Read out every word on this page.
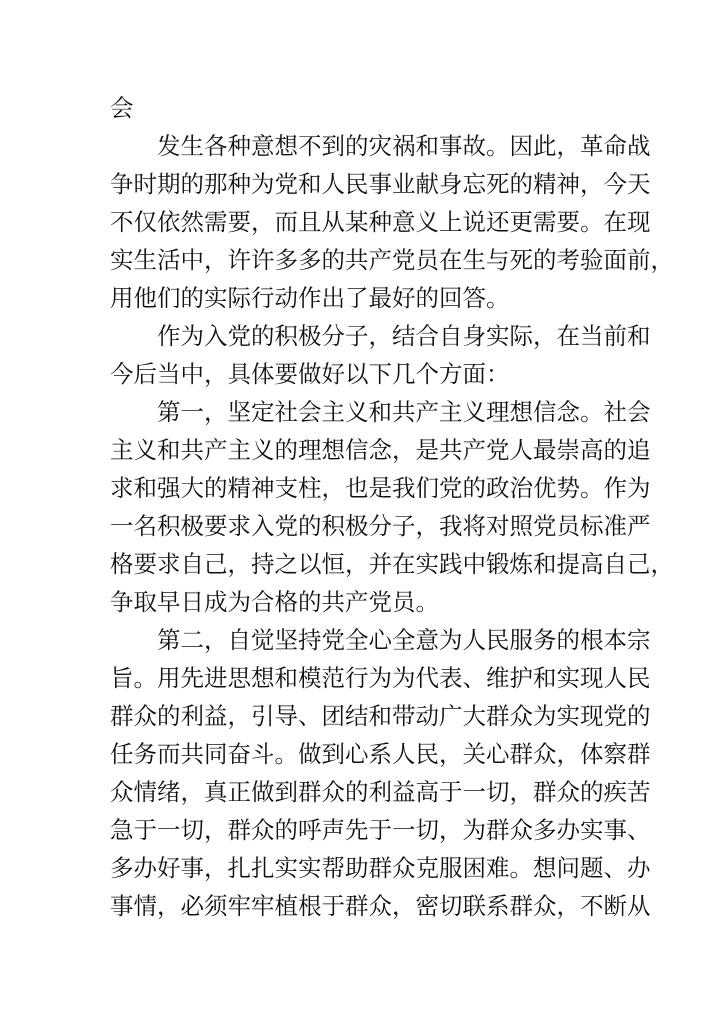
会
发生各种意想不到的灾祸和事故。因此，革命战
争时期的那种为党和人民事业献身忘死的精神，今天
不仅依然需要，而且从某种意义上说还更需要。在现
实生活中，许许多多的共产党员在生与死的考验面前，
用他们的实际行动作出了最好的回答。
作为入党的积极分子，结合自身实际，在当前和
今后当中，具体要做好以下几个方面：
第一，坚定社会主义和共产主义理想信念。社会
主义和共产主义的理想信念，是共产党人最崇高的追
求和强大的精神支柱，也是我们党的政治优势。作为
一名积极要求入党的积极分子，我将对照党员标准严
格要求自己，持之以恒，并在实践中锻炼和提高自己，
争取早日成为合格的共产党员。
第二，自觉坚持党全心全意为人民服务的根本宗
旨。用先进思想和模范行为为代表、维护和实现人民
群众的利益，引导、团结和带动广大群众为实现党的
任务而共同奋斗。做到心系人民，关心群众，体察群
众情绪，真正做到群众的利益高于一切，群众的疾苦
急于一切，群众的呼声先于一切，为群众多办实事、
多办好事，扎扎实实帮助群众克服困难。想问题、办
事情，必须牢牢植根于群众，密切联系群众，不断从
